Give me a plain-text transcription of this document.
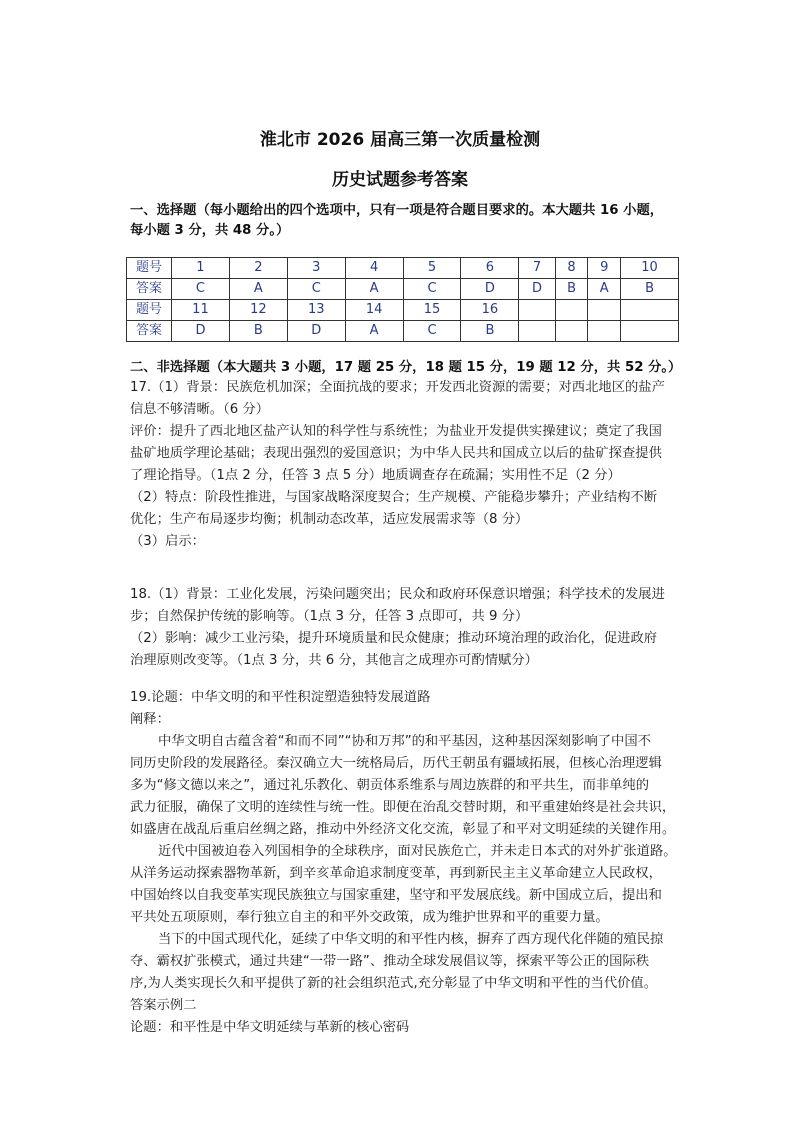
淮北市 2026 届高三第一次质量检测
历史试题参考答案
一、选择题（每小题给出的四个选项中，只有一项是符合题目要求的。本大题共 16 小题，
每小题 3 分，共 48 分。）
题号	1	2	3	4	5	6	7	8	9	10
答案	C	A	C	A	C	D	D	B	A	B
题号	11	12	13	14	15	16				
答案	D	B	D	A	C	B				
二、非选择题（本大题共 3 小题，17 题 25 分，18 题 15 分，19 题 12 分，共 52 分。）
17.（1）背景：民族危机加深；全面抗战的要求；开发西北资源的需要；对西北地区的盐产
信息不够清晰。（6 分）
评价：提升了西北地区盐产认知的科学性与系统性；为盐业开发提供实操建议；奠定了我国
盐矿地质学理论基础；表现出强烈的爱国意识；为中华人民共和国成立以后的盐矿探查提供
了理论指导。（1点 2 分，任答 3 点 5 分）地质调查存在疏漏；实用性不足（2 分）
（2）特点：阶段性推进，与国家战略深度契合；生产规模、产能稳步攀升；产业结构不断
优化；生产布局逐步均衡；机制动态改革，适应发展需求等（8 分）
（3）启示：
18.（1）背景：工业化发展，污染问题突出；民众和政府环保意识增强；科学技术的发展进
步；自然保护传统的影响等。（1点 3 分，任答 3 点即可，共 9 分）
（2）影响：减少工业污染，提升环境质量和民众健康；推动环境治理的政治化，促进政府
治理原则改变等。（1点 3 分，共 6 分，其他言之成理亦可酌情赋分）
19.论题：中华文明的和平性积淀塑造独特发展道路
阐释：
中华文明自古蕴含着“和而不同”“协和万邦”的和平基因，这种基因深刻影响了中国不
同历史阶段的发展路径。秦汉确立大一统格局后，历代王朝虽有疆域拓展，但核心治理逻辑
多为“修文德以来之”，通过礼乐教化、朝贡体系维系与周边族群的和平共生，而非单纯的
武力征服，确保了文明的连续性与统一性。即便在治乱交替时期，和平重建始终是社会共识，
如盛唐在战乱后重启丝绸之路，推动中外经济文化交流，彰显了和平对文明延续的关键作用。
近代中国被迫卷入列国相争的全球秩序，面对民族危亡，并未走日本式的对外扩张道路。
从洋务运动探索器物革新，到辛亥革命追求制度变革，再到新民主主义革命建立人民政权，
中国始终以自我变革实现民族独立与国家重建，坚守和平发展底线。新中国成立后，提出和
平共处五项原则，奉行独立自主的和平外交政策，成为维护世界和平的重要力量。
当下的中国式现代化，延续了中华文明的和平性内核，摒弃了西方现代化伴随的殖民掠
夺、霸权扩张模式，通过共建“一带一路”、推动全球发展倡议等，探索平等公正的国际秩
序,为人类实现长久和平提供了新的社会组织范式,充分彰显了中华文明和平性的当代价值。
答案示例二
论题：和平性是中华文明延续与革新的核心密码
